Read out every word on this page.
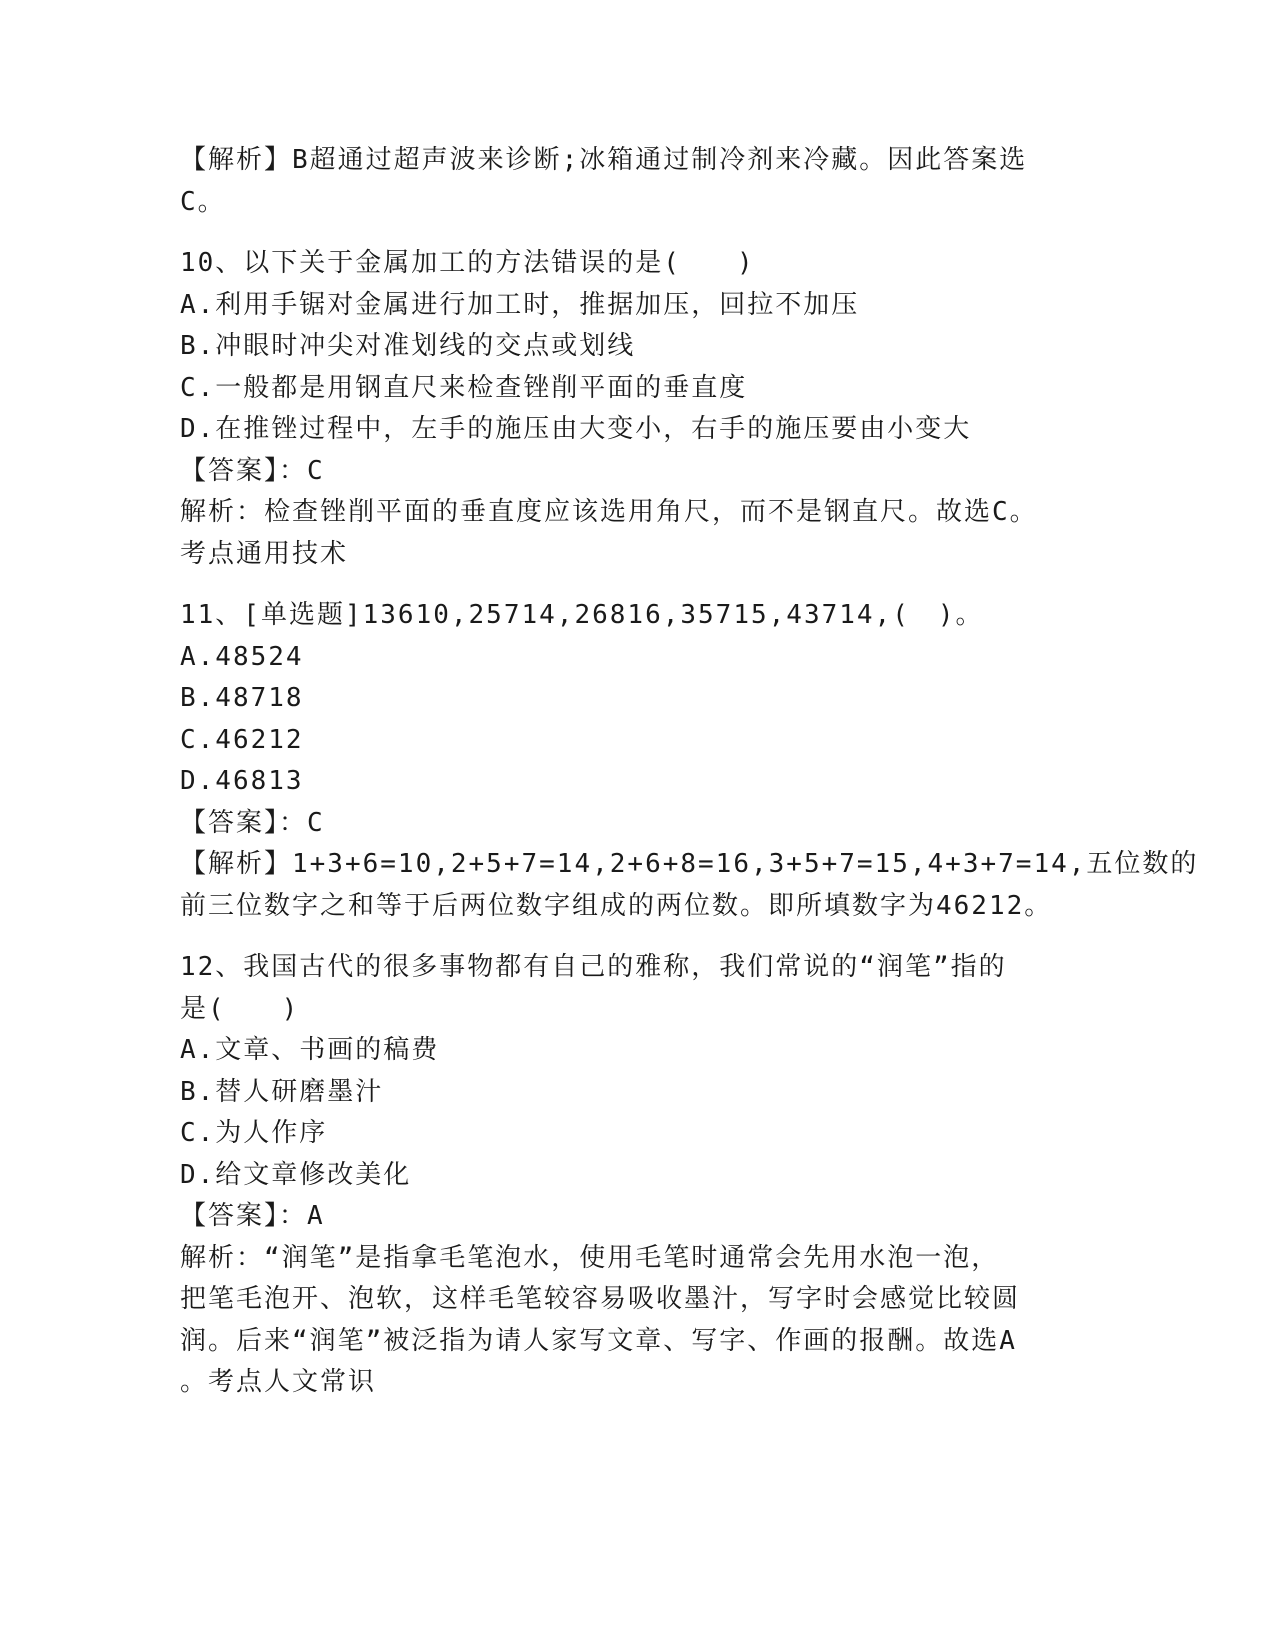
【解析】B超通过超声波来诊断;冰箱通过制冷剂来冷藏。因此答案选
C。
10、以下关于金属加工的方法错误的是(　　)
A.利用手锯对金属进行加工时，推据加压，回拉不加压
B.冲眼时冲尖对准划线的交点或划线
C.一般都是用钢直尺来检查锉削平面的垂直度
D.在推锉过程中，左手的施压由大变小，右手的施压要由小变大
【答案】：C
解析：检查锉削平面的垂直度应该选用角尺，而不是钢直尺。故选C。
考点通用技术
11、[单选题]13610,25714,26816,35715,43714,(　)。
A.48524
B.48718
C.46212
D.46813
【答案】：C
【解析】1+3+6=10,2+5+7=14,2+6+8=16,3+5+7=15,4+3+7=14,五位数的
前三位数字之和等于后两位数字组成的两位数。即所填数字为46212。
12、我国古代的很多事物都有自己的雅称，我们常说的“润笔”指的
是(　　)
A.文章、书画的稿费
B.替人研磨墨汁
C.为人作序
D.给文章修改美化
【答案】：A
解析：“润笔”是指拿毛笔泡水，使用毛笔时通常会先用水泡一泡，
把笔毛泡开、泡软，这样毛笔较容易吸收墨汁，写字时会感觉比较圆
润。后来“润笔”被泛指为请人家写文章、写字、作画的报酬。故选A
。考点人文常识
